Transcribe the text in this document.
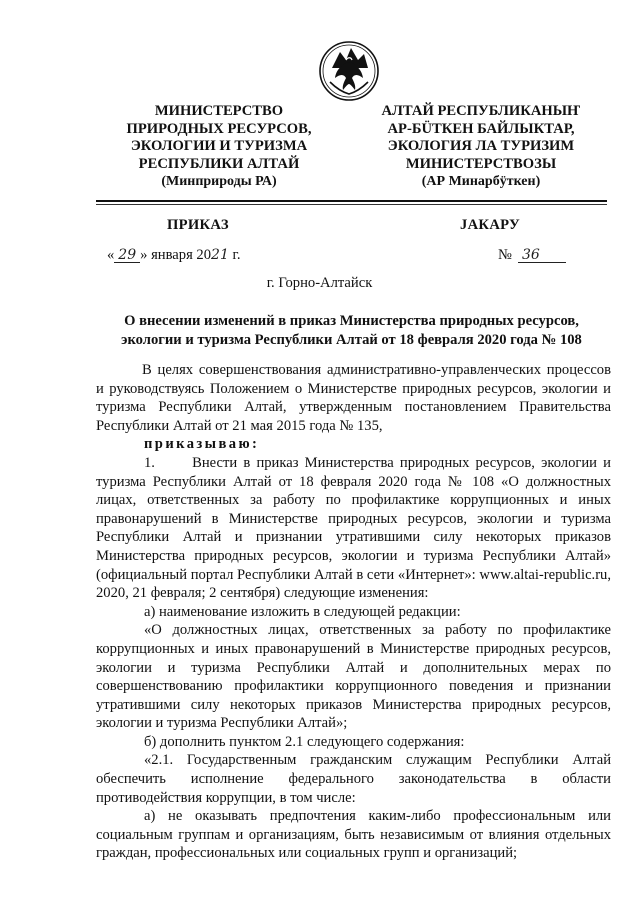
МИНИСТЕРСТВО
ПРИРОДНЫХ РЕСУРСОВ,
ЭКОЛОГИИ И ТУРИЗМА
РЕСПУБЛИКИ АЛТАЙ
(Минприроды РА)
АЛТАЙ РЕСПУБЛИКАНЫҤ
АР-БÜТКЕН БАЙЛЫКТАР,
ЭКОЛОГИЯ ЛА ТУРИЗИМ
МИНИСТЕРСТВОЗЫ
(АР Минарбÿткен)
ПРИКАЗ	JАКАРУ
« 29 » января 2021 г.	№ 36
г. Горно-Алтайск
О внесении изменений в приказ Министерства природных ресурсов,
экологии и туризма Республики Алтай от 18 февраля 2020 года № 108

В целях совершенствования административно-управленческих процессов и руководствуясь Положением о Министерстве природных ресурсов, экологии и туризма Республики Алтай, утвержденным постановлением Правительства Республики Алтай от 21 мая 2015 года № 135,

приказываю:

1.      Внести в приказ Министерства природных ресурсов, экологии и туризма Республики Алтай от 18 февраля 2020 года № 108 «О должностных лицах, ответственных за работу по профилактике коррупционных и иных правонарушений в Министерстве природных ресурсов, экологии и туризма Республики Алтай и признании утратившими силу некоторых приказов Министерства природных ресурсов, экологии и туризма Республики Алтай» (официальный портал Республики Алтай в сети «Интернет»: www.altai-republic.ru, 2020, 21 февраля; 2 сентября) следующие изменения:

а) наименование изложить в следующей редакции:

«О должностных лицах, ответственных за работу по профилактике коррупционных и иных правонарушений в Министерстве природных ресурсов, экологии и туризма Республики Алтай и дополнительных мерах по совершенствованию профилактики коррупционного поведения и признании утратившими силу некоторых приказов Министерства природных ресурсов, экологии и туризма Республики Алтай»;

б) дополнить пунктом 2.1 следующего содержания:

«2.1. Государственным гражданским служащим Республики Алтай обеспечить исполнение федерального законодательства в области противодействия коррупции, в том числе:

а) не оказывать предпочтения каким-либо профессиональным или социальным группам и организациям, быть независимым от влияния отдельных граждан, профессиональных или социальных групп и организаций;
